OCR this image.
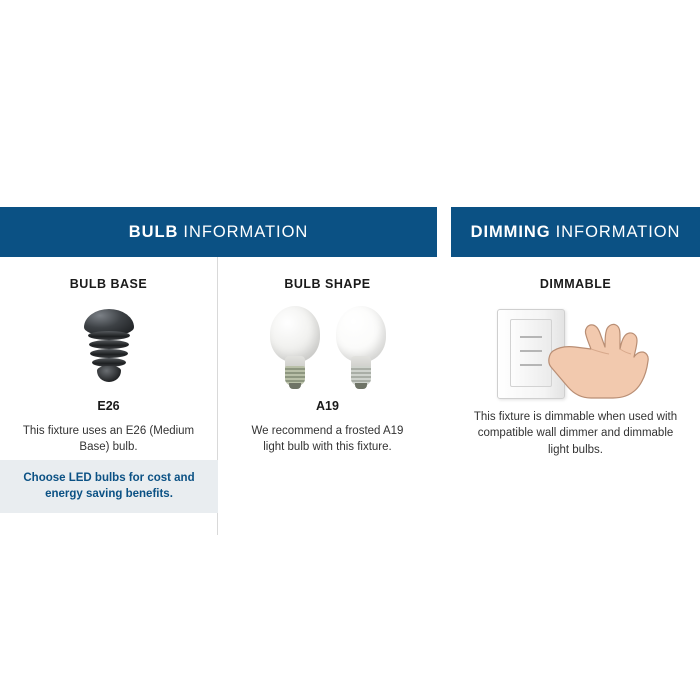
BULB INFORMATION
BULB BASE
E26
This fixture uses an E26 (Medium Base) bulb.
Choose LED bulbs for cost and energy saving benefits.
BULB SHAPE
A19
We recommend a frosted A19 light bulb with this fixture.
DIMMING INFORMATION
DIMMABLE
This fixture is dimmable when used with compatible wall dimmer and dimmable light bulbs.
